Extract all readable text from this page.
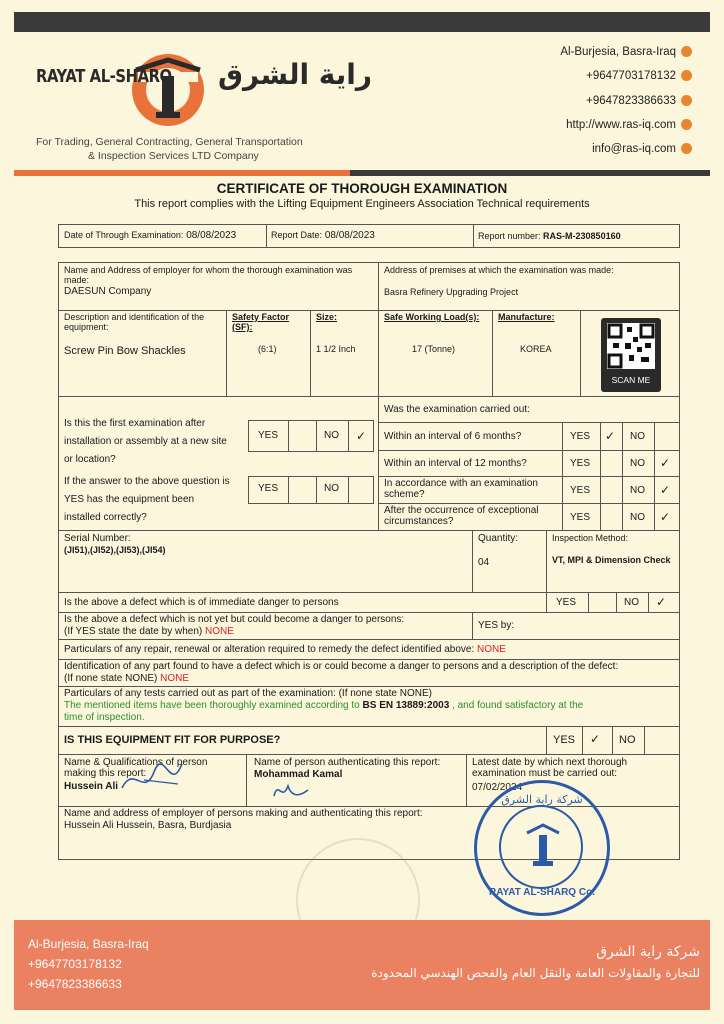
RAYAT AL-SHARQ راية الشرق
For Trading, General Contracting, General Transportation
& Inspection Services LTD Company
Al-Burjesia, Basra-Iraq
+9647703178132
+9647823386633
http://www.ras-iq.com
info@ras-iq.com
CERTIFICATE OF THOROUGH EXAMINATION
This report complies with the Lifting Equipment Engineers Association Technical requirements
Date of Through Examination: 08/08/2023	Report Date: 08/08/2023	Report number: RAS-M-230850160
Name and Address of employer for whom the thorough examination was made:
DAESUN Company
Address of premises at which the examination was made:
Basra Refinery Upgrading Project
Description and identification of the equipment:
Screw Pin Bow Shackles
Safety Factor (SF):
(6:1)
Size:
1 1/2 Inch
Safe Working Load(s):
17 (Tonne)
Manufacture:
KOREA
SCAN ME
Is this the first examination after
installation or assembly at a new site
or location?
YES	NO ✓
If the answer to the above question is
YES has the equipment been
installed correctly?
YES	NO
Was the examination carried out:
Within an interval of 6 months?	YES ✓ NO
Within an interval of 12 months?	YES	NO ✓
In accordance with an examination scheme?	YES	NO ✓
After the occurrence of exceptional circumstances?	YES	NO ✓
Serial Number:
(JI51),(JI52),(JI53),(JI54)
Quantity:
04
Inspection Method:
VT, MPI & Dimension Check
Is the above a defect which is of immediate danger to persons	YES	NO ✓
Is the above a defect which is not yet but could become a danger to persons:
(If YES state the date by when) NONE
YES by:
Particulars of any repair, renewal or alteration required to remedy the defect identified above: NONE
Identification of any part found to have a defect which is or could become a danger to persons and a description of the defect:
(If none state NONE) NONE
Particulars of any tests carried out as part of the examination: (If none state NONE)
The mentioned items have been thoroughly examined according to BS EN 13889:2003 , and found satisfactory at the
time of inspection.
IS THIS EQUIPMENT FIT FOR PURPOSE?	YES ✓ NO
Name & Qualifications of person making this report:
Hussein Ali
Name of person authenticating this report:
Mohammad Kamal
Latest date by which next thorough examination must be carried out:
07/02/2024
Name and address of employer of persons making and authenticating this report:
Hussein Ali Hussein, Basra, Burdjasia
شركة راية الشرق
RAYAT AL-SHARQ Co.
Al-Burjesia, Basra-Iraq
+9647703178132
+9647823386633
شركة راية الشرق
للتجارة والمقاولات العامة والنقل العام والفحص الهندسي المحدودة
